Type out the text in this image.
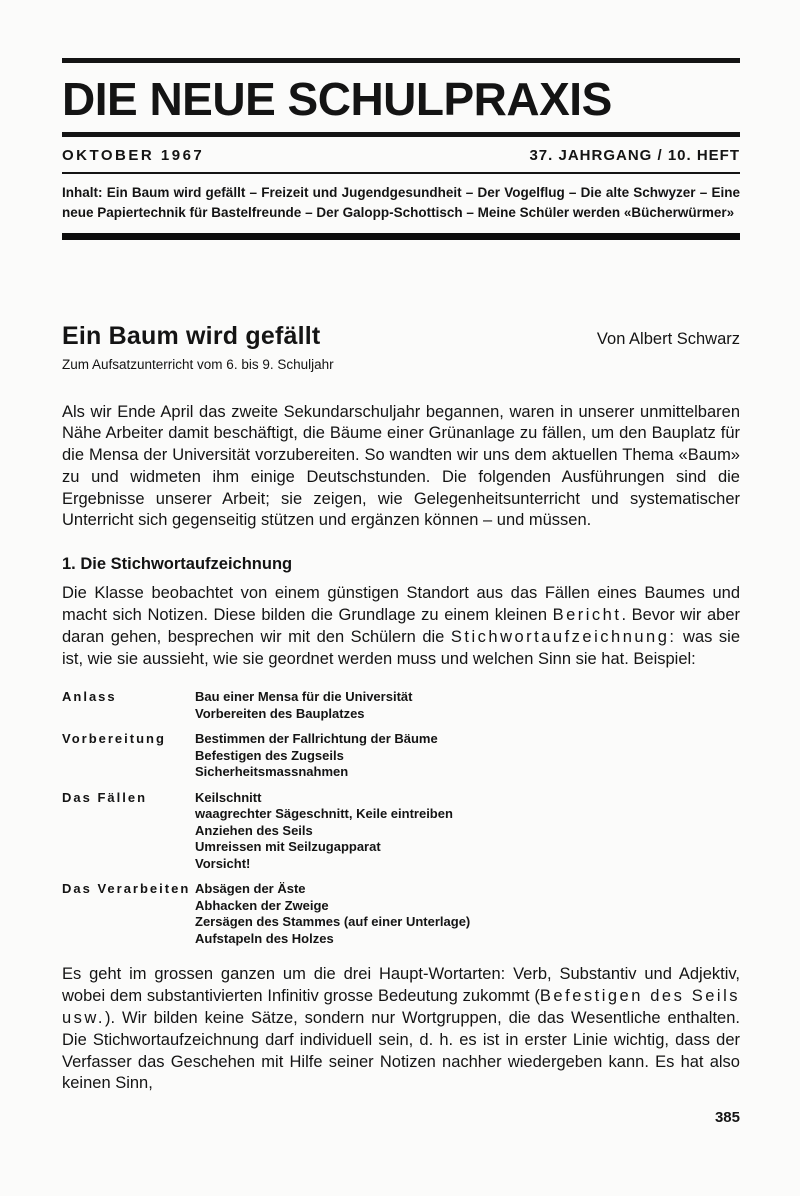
DIE NEUE SCHULPRAXIS
OKTOBER 1967	37. JAHRGANG / 10. HEFT

Inhalt: Ein Baum wird gefällt – Freizeit und Jugendgesundheit – Der Vogelflug – Die alte Schwyzer – Eine neue Papiertechnik für Bastelfreunde – Der Galopp-Schottisch – Meine Schüler werden «Bücherwürmer»

Ein Baum wird gefällt	Von Albert Schwarz

Zum Aufsatzunterricht vom 6. bis 9. Schuljahr

Als wir Ende April das zweite Sekundarschuljahr begannen, waren in unserer unmittelbaren Nähe Arbeiter damit beschäftigt, die Bäume einer Grünanlage zu fällen, um den Bauplatz für die Mensa der Universität vorzubereiten. So wandten wir uns dem aktuellen Thema «Baum» zu und widmeten ihm einige Deutschstunden. Die folgenden Ausführungen sind die Ergebnisse unserer Arbeit; sie zeigen, wie Gelegenheitsunterricht und systematischer Unterricht sich gegenseitig stützen und ergänzen können – und müssen.

1. Die Stichwortaufzeichnung

Die Klasse beobachtet von einem günstigen Standort aus das Fällen eines Baumes und macht sich Notizen. Diese bilden die Grundlage zu einem kleinen Bericht. Bevor wir aber daran gehen, besprechen wir mit den Schülern die Stichwortaufzeichnung: was sie ist, wie sie aussieht, wie sie geordnet werden muss und welchen Sinn sie hat. Beispiel:

Anlass	Bau einer Mensa für die Universität
Vorbereiten des Bauplatzes
Vorbereitung	Bestimmen der Fallrichtung der Bäume
Befestigen des Zugseils
Sicherheitsmassnahmen
Das Fällen	Keilschnitt
waagrechter Sägeschnitt, Keile eintreiben
Anziehen des Seils
Umreissen mit Seilzugapparat
Vorsicht!
Das Verarbeiten Absägen der Äste
Abhacken der Zweige
Zersägen des Stammes (auf einer Unterlage)
Aufstapeln des Holzes

Es geht im grossen ganzen um die drei Haupt-Wortarten: Verb, Substantiv und Adjektiv, wobei dem substantivierten Infinitiv grosse Bedeutung zukommt (Befestigen des Seils usw.). Wir bilden keine Sätze, sondern nur Wortgruppen, die das Wesentliche enthalten. Die Stichwortaufzeichnung darf individuell sein, d. h. es ist in erster Linie wichtig, dass der Verfasser das Geschehen mit Hilfe seiner Notizen nachher wiedergeben kann. Es hat also keinen Sinn,

385
